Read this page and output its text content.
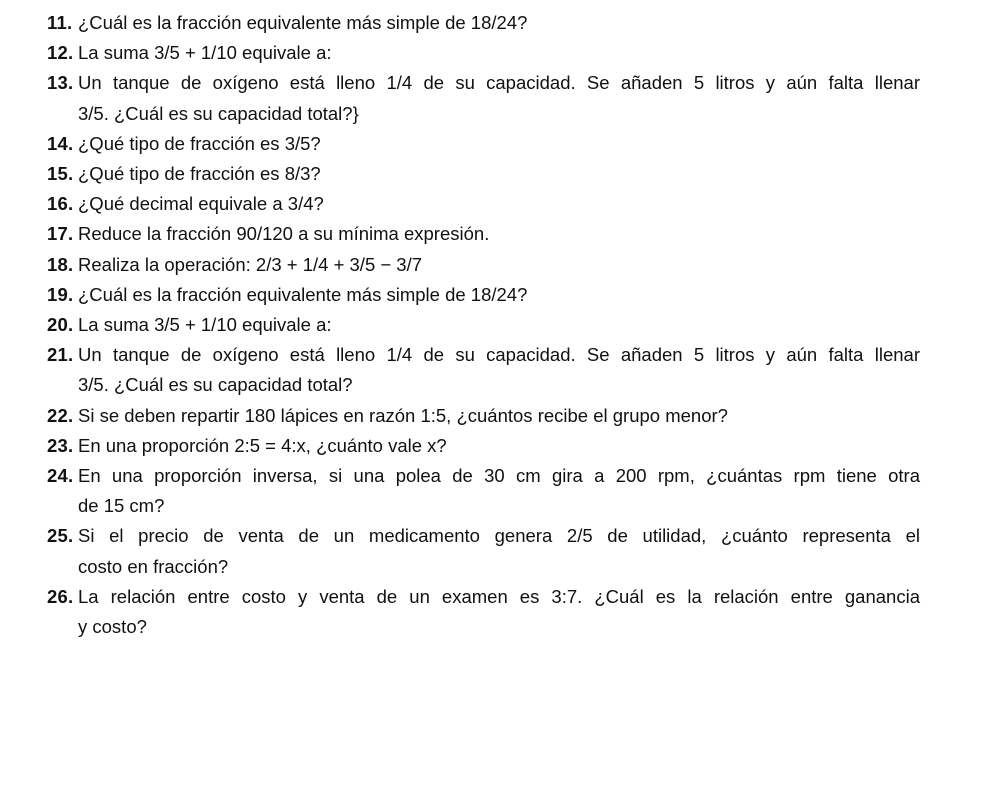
11. ¿Cuál es la fracción equivalente más simple de 18/24?
12. La suma 3/5 + 1/10 equivale a:
13. Un tanque de oxígeno está lleno 1/4 de su capacidad. Se añaden 5 litros y aún falta llenar
3/5. ¿Cuál es su capacidad total?}
14. ¿Qué tipo de fracción es 3/5?
15. ¿Qué tipo de fracción es 8/3?
16. ¿Qué decimal equivale a 3/4?
17. Reduce la fracción 90/120 a su mínima expresión.
18. Realiza la operación: 2/3 + 1/4 + 3/5 − 3/7
19. ¿Cuál es la fracción equivalente más simple de 18/24?
20. La suma 3/5 + 1/10 equivale a:
21. Un tanque de oxígeno está lleno 1/4 de su capacidad. Se añaden 5 litros y aún falta llenar
3/5. ¿Cuál es su capacidad total?
22. Si se deben repartir 180 lápices en razón 1:5, ¿cuántos recibe el grupo menor?
23. En una proporción 2:5 = 4:x, ¿cuánto vale x?
24. En una proporción inversa, si una polea de 30 cm gira a 200 rpm, ¿cuántas rpm tiene otra
de 15 cm?
25. Si el precio de venta de un medicamento genera 2/5 de utilidad, ¿cuánto representa el
costo en fracción?
26. La relación entre costo y venta de un examen es 3:7. ¿Cuál es la relación entre ganancia
y costo?
